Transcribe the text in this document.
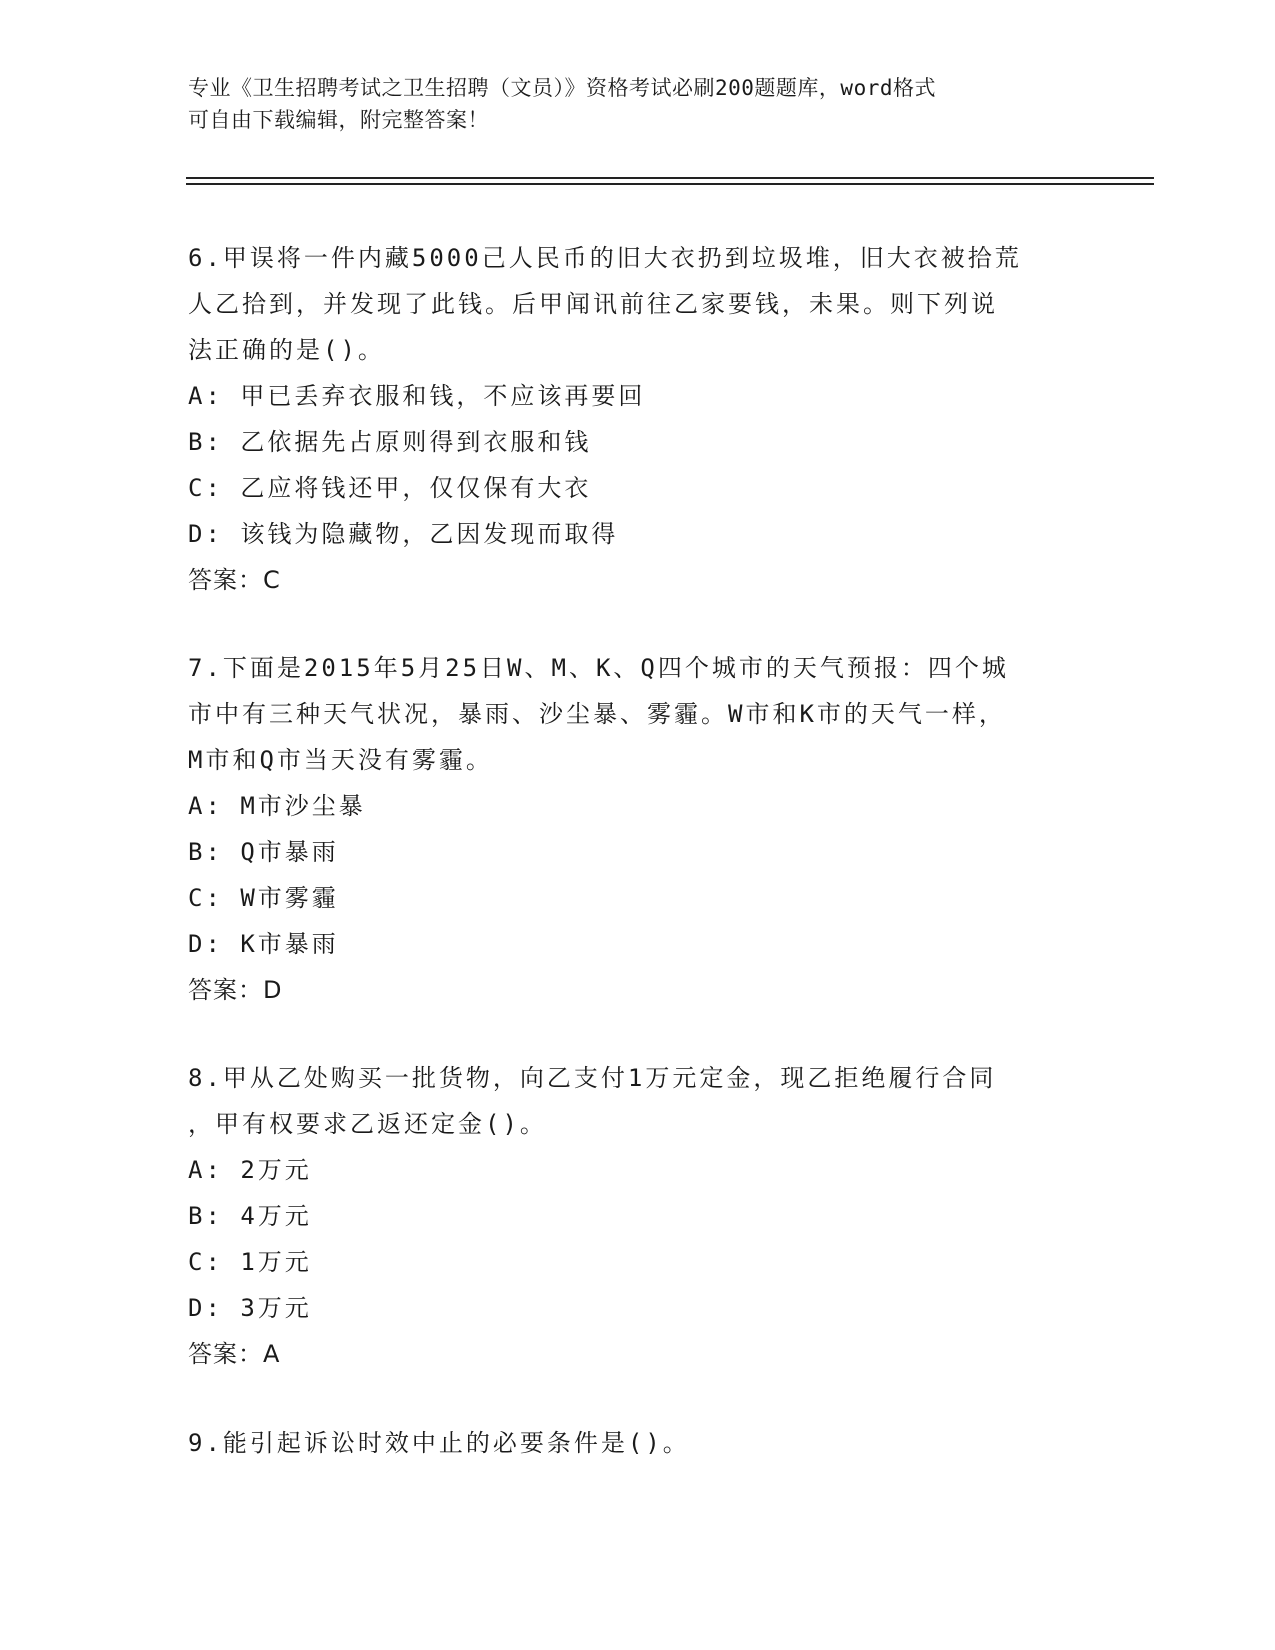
专业《卫生招聘考试之卫生招聘（文员）》资格考试必刷200题题库，word格式
可自由下载编辑，附完整答案！
6.甲误将一件内藏5000己人民币的旧大衣扔到垃圾堆，旧大衣被拾荒
人乙拾到，并发现了此钱。后甲闻讯前往乙家要钱，未果。则下列说
法正确的是()。
A: 甲已丢弃衣服和钱，不应该再要回
B: 乙依据先占原则得到衣服和钱
C: 乙应将钱还甲，仅仅保有大衣
D: 该钱为隐藏物，乙因发现而取得
答案：C
7.下面是2015年5月25日W、M、K、Q四个城市的天气预报：四个城
市中有三种天气状况，暴雨、沙尘暴、雾霾。W市和K市的天气一样，
M市和Q市当天没有雾霾。
A: M市沙尘暴
B: Q市暴雨
C: W市雾霾
D: K市暴雨
答案：D
8.甲从乙处购买一批货物，向乙支付1万元定金，现乙拒绝履行合同
，甲有权要求乙返还定金()。
A: 2万元
B: 4万元
C: 1万元
D: 3万元
答案：A
9.能引起诉讼时效中止的必要条件是()。
